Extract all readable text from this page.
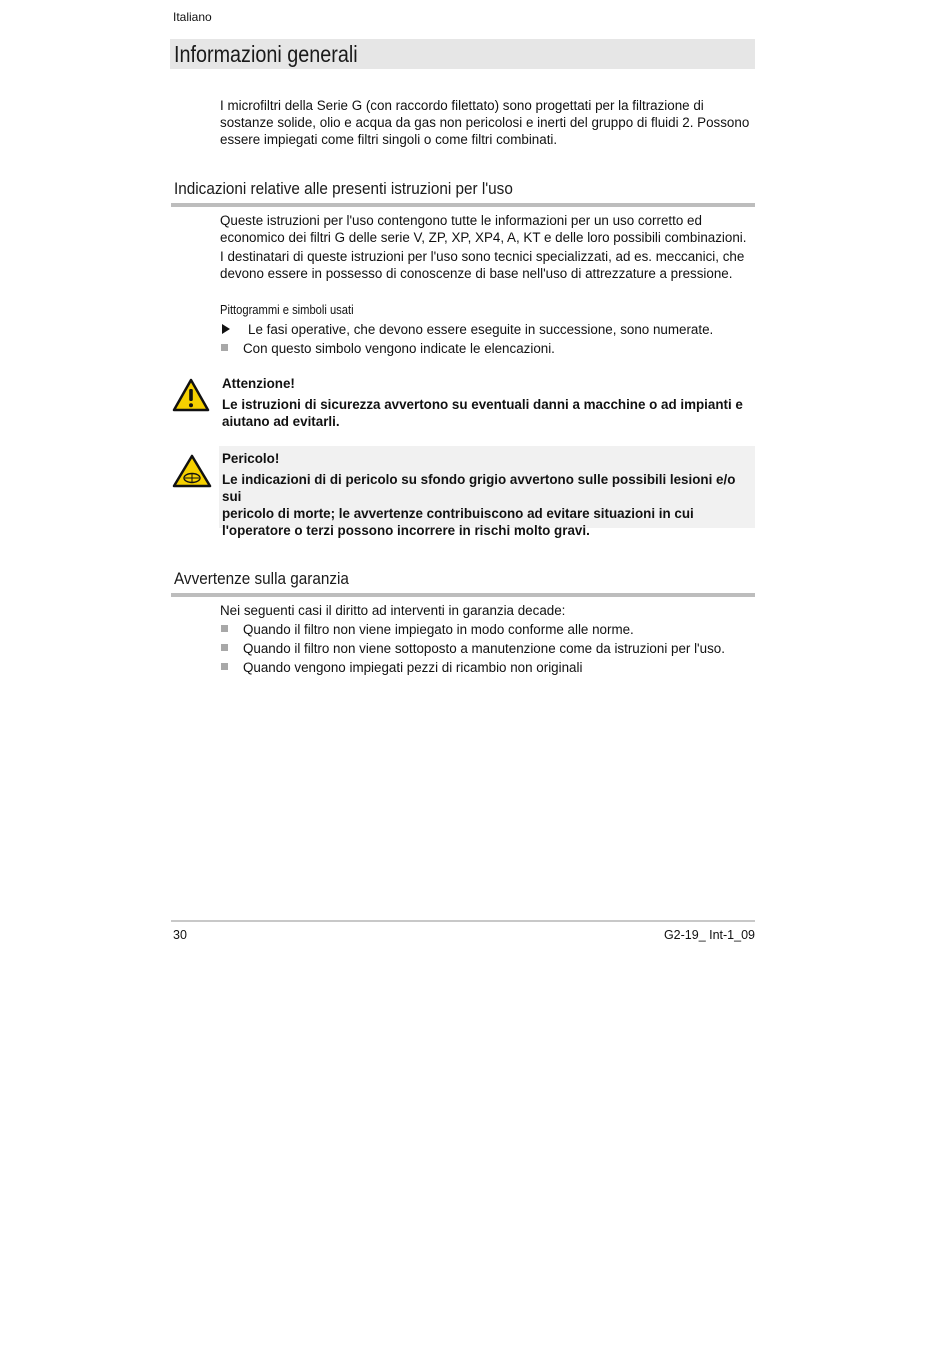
Italiano
Informazioni generali
I microfiltri della Serie G (con raccordo filettato) sono progettati per la filtrazione di
sostanze solide, olio e acqua da gas non pericolosi e inerti del gruppo di fluidi 2. Possono
essere impiegati come filtri singoli o come filtri combinati.
Indicazioni relative alle presenti istruzioni per l'uso
Queste istruzioni per l'uso contengono tutte le informazioni per un uso corretto ed
economico dei filtri G delle serie V, ZP, XP, XP4, A, KT e delle loro possibili combinazioni.
I destinatari di queste istruzioni per l'uso sono tecnici specializzati, ad es. meccanici, che
devono essere in possesso di conoscenze di base nell'uso di attrezzature a pressione.
Pittogrammi e simboli usati
Le fasi operative, che devono essere eseguite in successione, sono numerate.
Con questo simbolo vengono indicate le elencazioni.
Attenzione!
Le istruzioni di sicurezza avvertono su eventuali danni a macchine o ad impianti e
aiutano ad evitarli.
Pericolo!
Le indicazioni di di pericolo su sfondo grigio avvertono sulle possibili lesioni e/o sui
pericolo di morte; le avvertenze contribuiscono ad evitare situazioni in cui
l'operatore o terzi possono incorrere in rischi molto gravi.
Avvertenze sulla garanzia
Nei seguenti casi il diritto ad interventi in garanzia decade:
Quando il filtro non viene impiegato in modo conforme alle norme.
Quando il filtro non viene sottoposto a manutenzione come da istruzioni per l'uso.
Quando vengono impiegati pezzi di ricambio non originali
30	G2-19_ Int-1_09
